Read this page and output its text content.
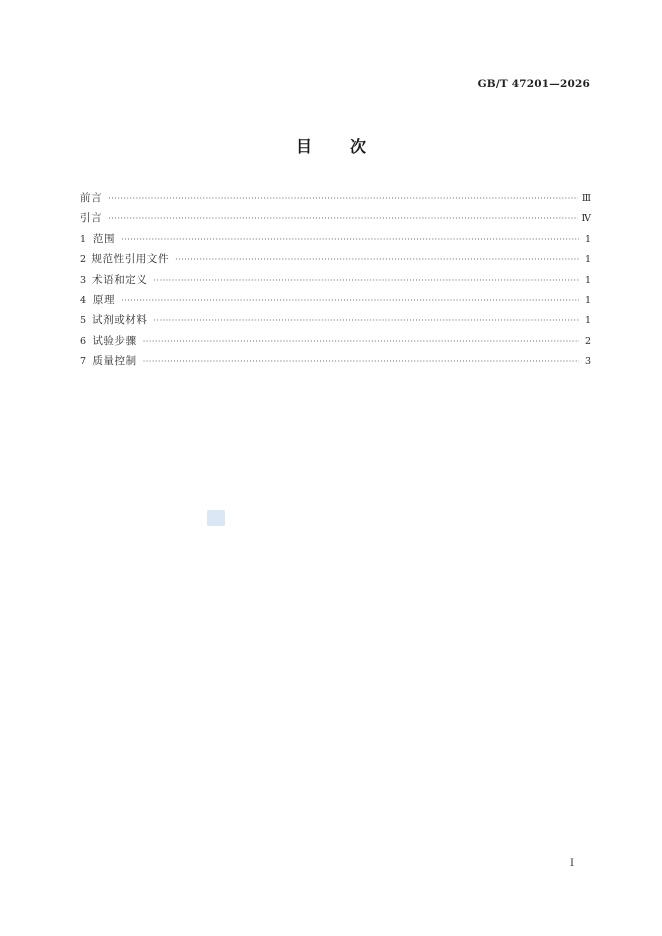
GB/T 47201—2026
目 次
前言 ·····	Ⅲ
引言 ·····	Ⅳ
1 范围 ·····	1
2 规范性引用文件 ·····	1
3 术语和定义 ·····	1
4 原理 ·····	1
5 试剂或材料 ·····	1
6 试验步骤 ·····	2
7 质量控制 ·····	3
I
